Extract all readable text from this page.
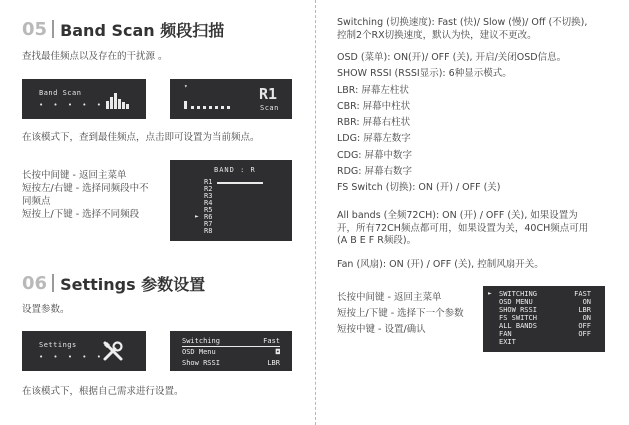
05 Band Scan 频段扫描
查找最佳频点以及存在的干扰源 。
Band Scan
• • • • •
▾	R1
Scan
在该模式下，查到最佳频点，点击即可设置为当前频点。
长按中间键 - 返回主菜单
短按左/右键 - 选择同频段中不
同频点
短按上/下键 - 选择不同频段
BAND : R
R1
R2
R3
R4
R5
R6
R7
R8
►
06 Settings 参数设置
设置参数。
Settings
• • • • •
Switching	Fast
OSD Menu	◘
Show RSSI	LBR
在该模式下，根据自己需求进行设置。
Switching (切换速度): Fast (快)/ Slow (慢)/ Off (不切换),
控制2个RX切换速度，默认为快，建议不更改。
OSD (菜单): ON(开)/ OFF (关), 开启/关闭OSD信息。
SHOW RSSI (RSSI显示): 6种显示模式。
LBR: 屏幕左柱状
CBR: 屏幕中柱状
RBR: 屏幕右柱状
LDG: 屏幕左数字
CDG: 屏幕中数字
RDG: 屏幕右数字
FS Switch (切换): ON (开) / OFF (关)
All bands (全频72CH): ON (开) / OFF (关), 如果设置为
开，所有72CH频点都可用，如果设置为关，40CH频点可用
(A B E F R频段)。
Fan (风扇): ON (开) / OFF (关), 控制风扇开关。
长按中间键 - 返回主菜单
短按上/下键 - 选择下一个参数
短按中键 - 设置/确认
► SWITCHING	FAST
OSD MENU	ON
SHOW RSSI	LBR
FS SWITCH	ON
ALL BANDS	OFF
FAN	OFF
EXIT
